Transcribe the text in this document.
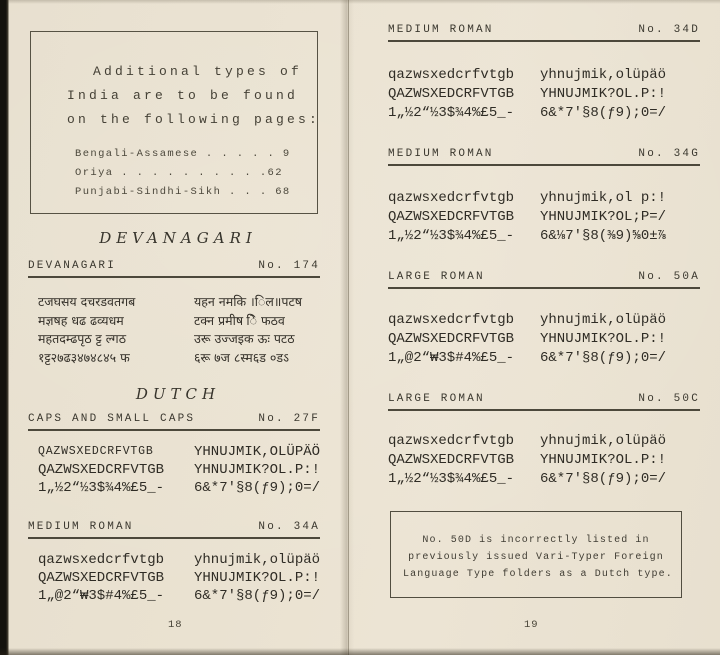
Additional types of
India are to be found
on the following pages:
Bengali-Assamese . . . . . 9
Oriya . . . . . . . . . .62
Punjabi-Sindhi-Sikh . . . 68
DEVANAGARI
DEVANAGARI	No. 174
टजघसय दचरडवतगब	यहन नमकि ।िल॥पटष
मज्ञषह धढ ढव्यधम	टक्न प्रमीष िे फठव
महतदम्ढपृठ ट्ट ल्गठ	उरू उज्जइक ऊः पटठ
१ट्ट२७ढ३४७४८४५ फ	६रू ७ज ८स्म६ड ०डऽ
DUTCH
CAPS AND SMALL CAPS	No. 27F
QAZWSXEDCRFVTGB	YHNUJMIK,OLÜPÄÖ
QAZWSXEDCRFVTGB	YHNUJMIK?OL.P:!
1„½2“½3$¾4%£5_-	6&*7'§8(ƒ9);0=/
MEDIUM ROMAN	No. 34A
qazwsxedcrfvtgb	yhnujmik,olüpäö
QAZWSXEDCRFVTGB	YHNUJMIK?OL.P:!
1„@2“₩3$#4%£5_-	6&*7'§8(ƒ9);0=/
18
MEDIUM ROMAN	No. 34D
qazwsxedcrfvtgb	yhnujmik,olüpäö
QAZWSXEDCRFVTGB	YHNUJMIK?OL.P:!
1„½2“½3$¾4%£5_-	6&*7'§8(ƒ9);0=/
MEDIUM ROMAN	No. 34G
qazwsxedcrfvtgb	yhnujmik,ol p:!
QAZWSXEDCRFVTGB	YHNUJMIK?OL;P=/
1„½2“½3$¾4%£5_-	6&⅛7'§8(⅜9)⅝0±⅞
LARGE ROMAN	No. 50A
qazwsxedcrfvtgb	yhnujmik,olüpäö
QAZWSXEDCRFVTGB	YHNUJMIK?OL.P:!
1„@2“₩3$#4%£5_-	6&*7'§8(ƒ9);0=/
LARGE ROMAN	No. 50C
qazwsxedcrfvtgb	yhnujmik,olüpäö
QAZWSXEDCRFVTGB	YHNUJMIK?OL.P:!
1„½2“½3$¾4%£5_-	6&*7'§8(ƒ9);0=/
No. 50D is incorrectly listed in
previously issued Vari-Typer Foreign
Language Type folders as a Dutch type.
19
